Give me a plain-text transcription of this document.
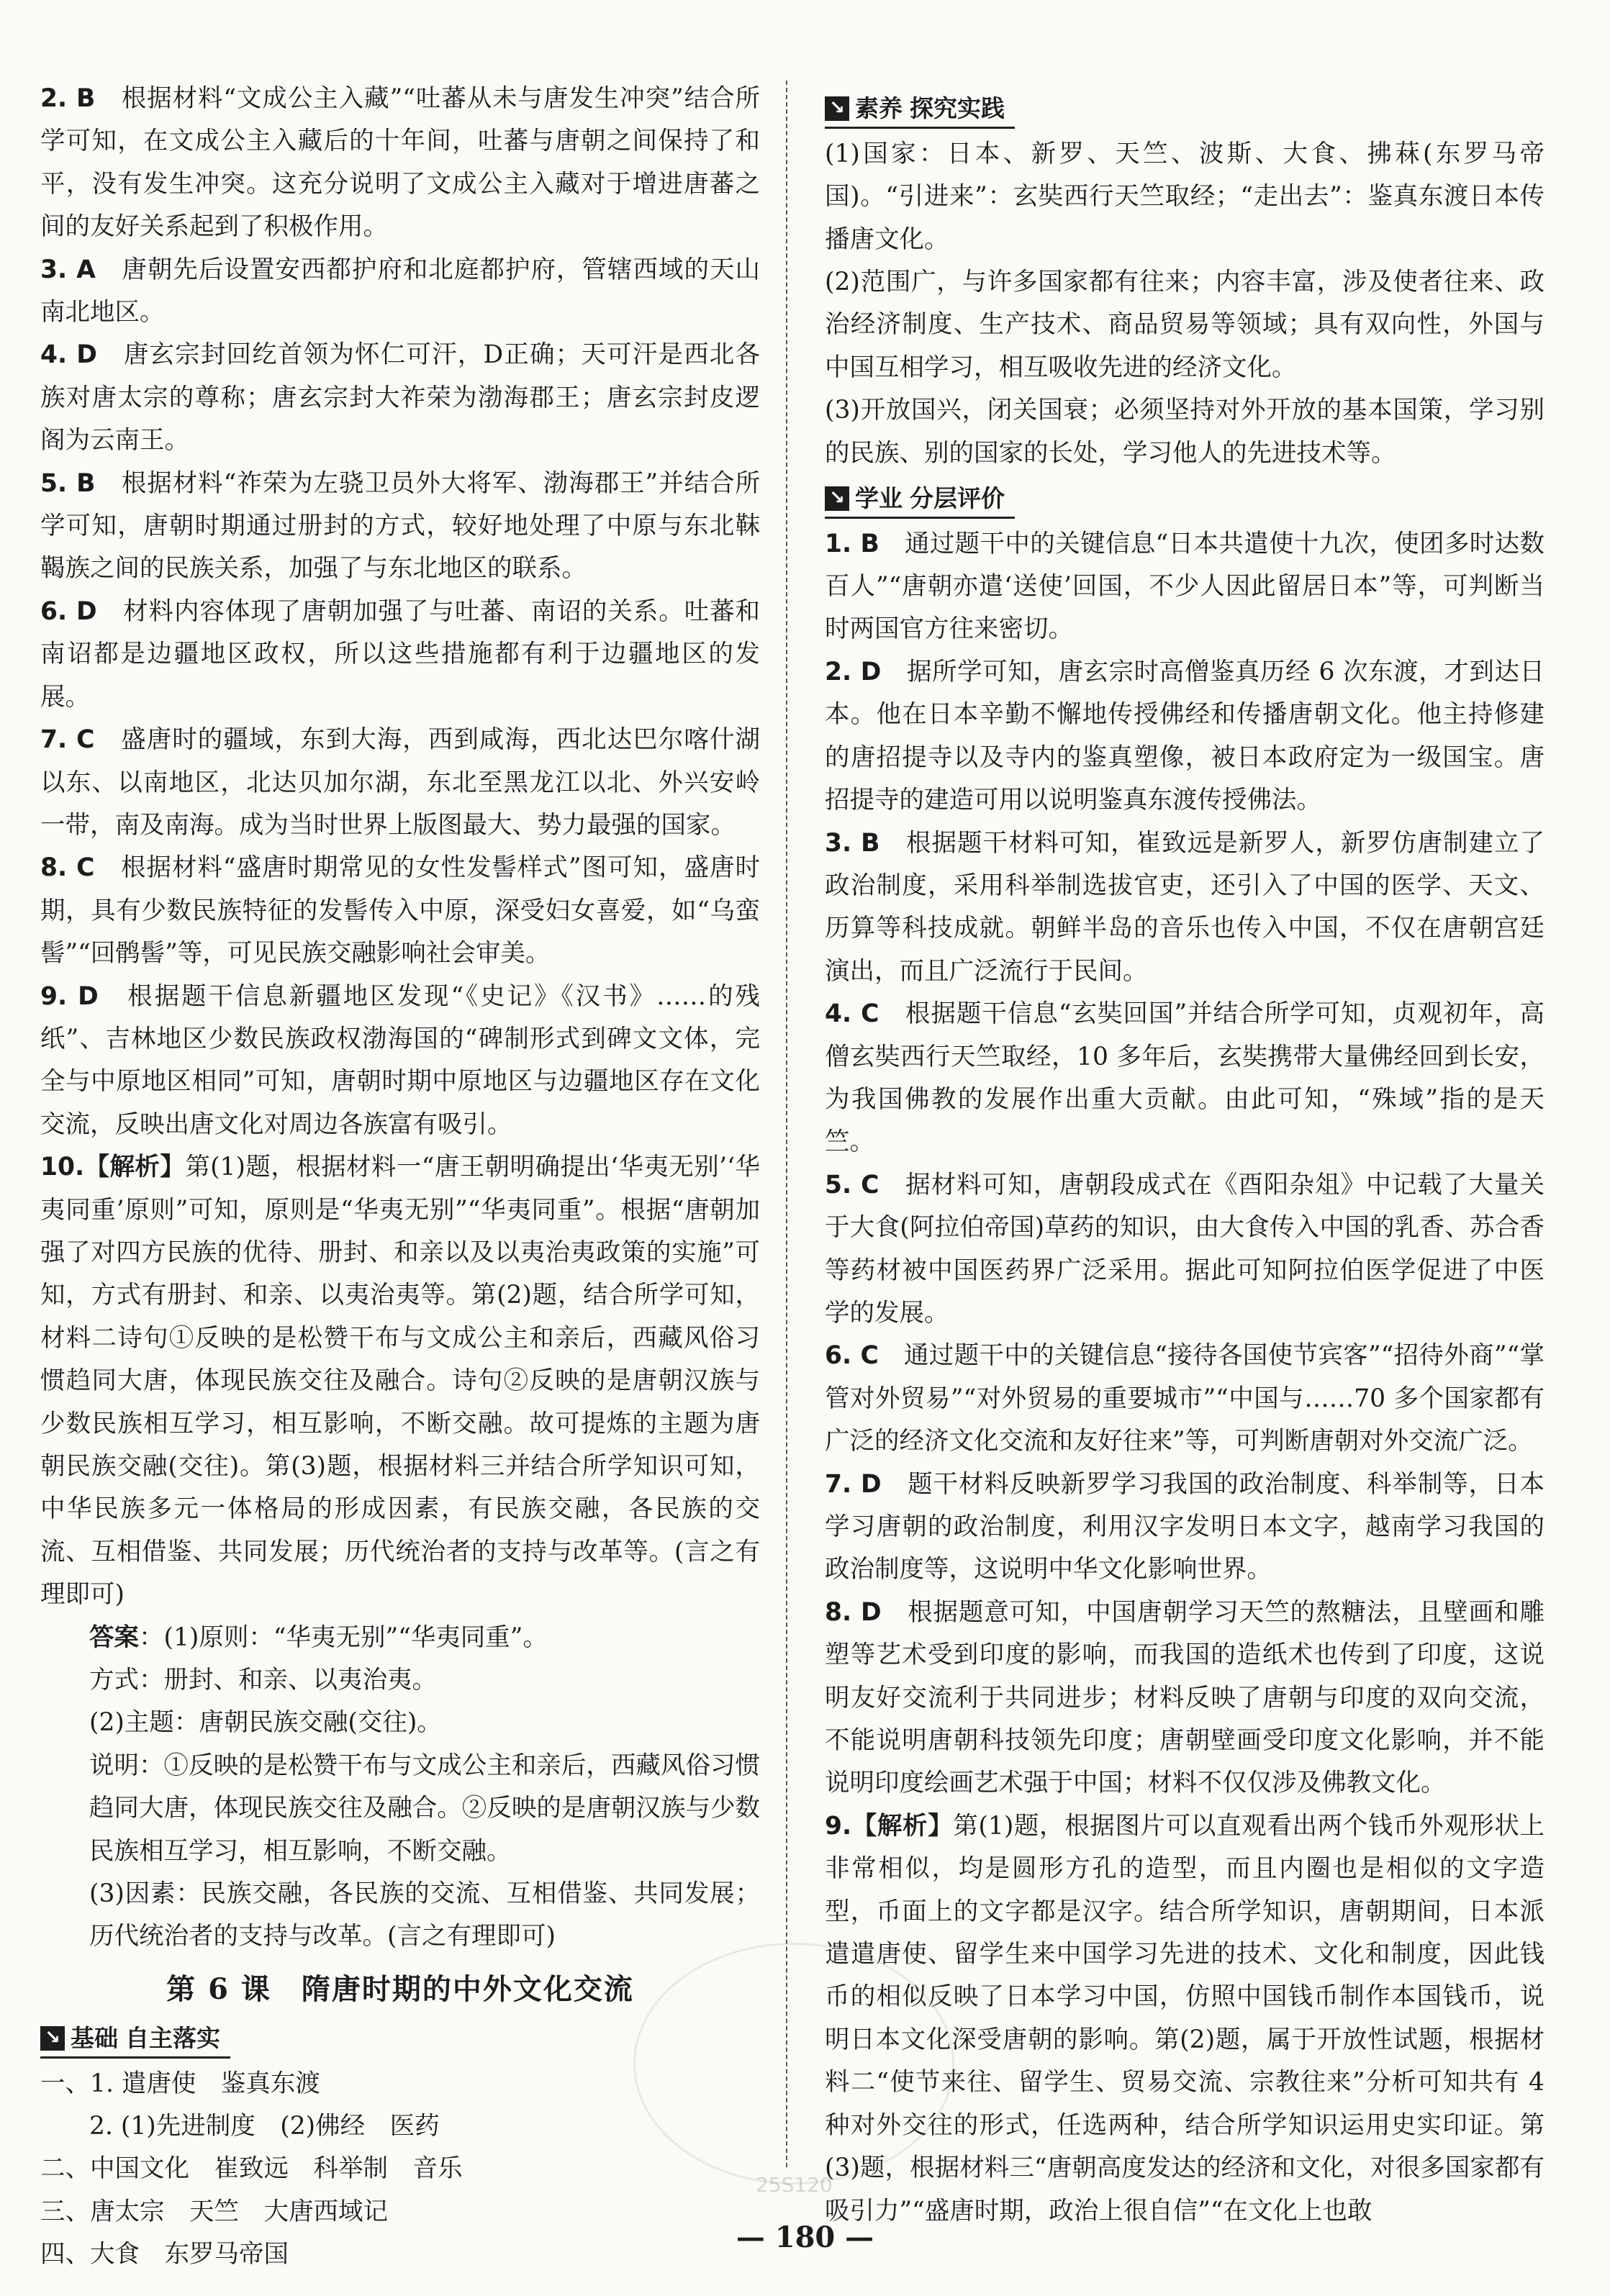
2. B　 根据材料“文成公主入藏”“吐蕃从未与唐发生冲突”结合所学可知，在文成公主入藏后的十年间，吐蕃与唐朝之间保持了和平，没有发生冲突。这充分说明了文成公主入藏对于增进唐蕃之间的友好关系起到了积极作用。

3. A　 唐朝先后设置安西都护府和北庭都护府，管辖西域的天山南北地区。

4. D　 唐玄宗封回纥首领为怀仁可汗，D正确；天可汗是西北各族对唐太宗的尊称；唐玄宗封大祚荣为渤海郡王；唐玄宗封皮逻阁为云南王。

5. B　 根据材料“祚荣为左骁卫员外大将军、渤海郡王”并结合所学可知，唐朝时期通过册封的方式，较好地处理了中原与东北靺鞨族之间的民族关系，加强了与东北地区的联系。

6. D　 材料内容体现了唐朝加强了与吐蕃、南诏的关系。吐蕃和南诏都是边疆地区政权，所以这些措施都有利于边疆地区的发展。

7. C　 盛唐时的疆域，东到大海，西到咸海，西北达巴尔喀什湖以东、以南地区，北达贝加尔湖，东北至黑龙江以北、外兴安岭一带，南及南海。成为当时世界上版图最大、势力最强的国家。

8. C　 根据材料“盛唐时期常见的女性发髻样式”图可知，盛唐时期，具有少数民族特征的发髻传入中原，深受妇女喜爱，如“乌蛮髻”“回鹘髻”等，可见民族交融影响社会审美。

9. D　 根据题干信息新疆地区发现“《史记》《汉书》……的残纸”、吉林地区少数民族政权渤海国的“碑制形式到碑文文体，完全与中原地区相同”可知，唐朝时期中原地区与边疆地区存在文化交流，反映出唐文化对周边各族富有吸引。

10.【解析】第(1)题，根据材料一“唐王朝明确提出‘华夷无别’‘华夷同重’原则”可知，原则是“华夷无别”“华夷同重”。根据“唐朝加强了对四方民族的优待、册封、和亲以及以夷治夷政策的实施”可知，方式有册封、和亲、以夷治夷等。第(2)题，结合所学可知，材料二诗句①反映的是松赞干布与文成公主和亲后，西藏风俗习惯趋同大唐，体现民族交往及融合。诗句②反映的是唐朝汉族与少数民族相互学习，相互影响，不断交融。故可提炼的主题为唐朝民族交融(交往)。第(3)题，根据材料三并结合所学知识可知，中华民族多元一体格局的形成因素，有民族交融，各民族的交流、互相借鉴、共同发展；历代统治者的支持与改革等。(言之有理即可)

答案：(1)原则：“华夷无别”“华夷同重”。

方式：册封、和亲、以夷治夷。

(2)主题：唐朝民族交融(交往)。

说明：①反映的是松赞干布与文成公主和亲后，西藏风俗习惯趋同大唐，体现民族交往及融合。②反映的是唐朝汉族与少数民族相互学习，相互影响，不断交融。

(3)因素：民族交融，各民族的交流、互相借鉴、共同发展；历代统治者的支持与改革。(言之有理即可)

第 6 课　隋唐时期的中外文化交流
↘ 基础 自主落实

一、1. 遣唐使　鉴真东渡

2. (1)先进制度　(2)佛经　医药

二、中国文化　崔致远　科举制　音乐

三、唐太宗　天竺　大唐西域记

四、大食　东罗马帝国

↘ 素养 探究实践

(1)国家：日本、新罗、天竺、波斯、大食、拂菻(东罗马帝国)。“引进来”：玄奘西行天竺取经；“走出去”：鉴真东渡日本传播唐文化。

(2)范围广，与许多国家都有往来；内容丰富，涉及使者往来、政治经济制度、生产技术、商品贸易等领域；具有双向性，外国与中国互相学习，相互吸收先进的经济文化。

(3)开放国兴，闭关国衰；必须坚持对外开放的基本国策，学习别的民族、别的国家的长处，学习他人的先进技术等。

↘ 学业 分层评价

1. B　 通过题干中的关键信息“日本共遣使十九次，使团多时达数百人”“唐朝亦遣‘送使’回国，不少人因此留居日本”等，可判断当时两国官方往来密切。

2. D　 据所学可知，唐玄宗时高僧鉴真历经 6 次东渡，才到达日本。他在日本辛勤不懈地传授佛经和传播唐朝文化。他主持修建的唐招提寺以及寺内的鉴真塑像，被日本政府定为一级国宝。唐招提寺的建造可用以说明鉴真东渡传授佛法。

3. B　 根据题干材料可知，崔致远是新罗人，新罗仿唐制建立了政治制度，采用科举制选拔官吏，还引入了中国的医学、天文、历算等科技成就。朝鲜半岛的音乐也传入中国，不仅在唐朝宫廷演出，而且广泛流行于民间。

4. C　 根据题干信息“玄奘回国”并结合所学可知，贞观初年，高僧玄奘西行天竺取经，10 多年后，玄奘携带大量佛经回到长安，为我国佛教的发展作出重大贡献。由此可知，“殊域”指的是天竺。

5. C　 据材料可知，唐朝段成式在《酉阳杂俎》中记载了大量关于大食(阿拉伯帝国)草药的知识，由大食传入中国的乳香、苏合香等药材被中国医药界广泛采用。据此可知阿拉伯医学促进了中医学的发展。

6. C　 通过题干中的关键信息“接待各国使节宾客”“招待外商”“掌管对外贸易”“对外贸易的重要城市”“中国与……70 多个国家都有广泛的经济文化交流和友好往来”等，可判断唐朝对外交流广泛。

7. D　 题干材料反映新罗学习我国的政治制度、科举制等，日本学习唐朝的政治制度，利用汉字发明日本文字，越南学习我国的政治制度等，这说明中华文化影响世界。

8. D　 根据题意可知，中国唐朝学习天竺的熬糖法，且壁画和雕塑等艺术受到印度的影响，而我国的造纸术也传到了印度，这说明友好交流利于共同进步；材料反映了唐朝与印度的双向交流，不能说明唐朝科技领先印度；唐朝壁画受印度文化影响，并不能说明印度绘画艺术强于中国；材料不仅仅涉及佛教文化。

9.【解析】第(1)题，根据图片可以直观看出两个钱币外观形状上非常相似，均是圆形方孔的造型，而且内圈也是相似的文字造型，币面上的文字都是汉字。结合所学知识，唐朝期间，日本派遣遣唐使、留学生来中国学习先进的技术、文化和制度，因此钱币的相似反映了日本学习中国，仿照中国钱币制作本国钱币，说明日本文化深受唐朝的影响。第(2)题，属于开放性试题，根据材料二“使节来往、留学生、贸易交流、宗教往来”分析可知共有 4 种对外交往的形式，任选两种，结合所学知识运用史实印证。第(3)题，根据材料三“唐朝高度发达的经济和文化，对很多国家都有吸引力”“盛唐时期，政治上很自信”“在文化上也敢

25S120
— 180 —
